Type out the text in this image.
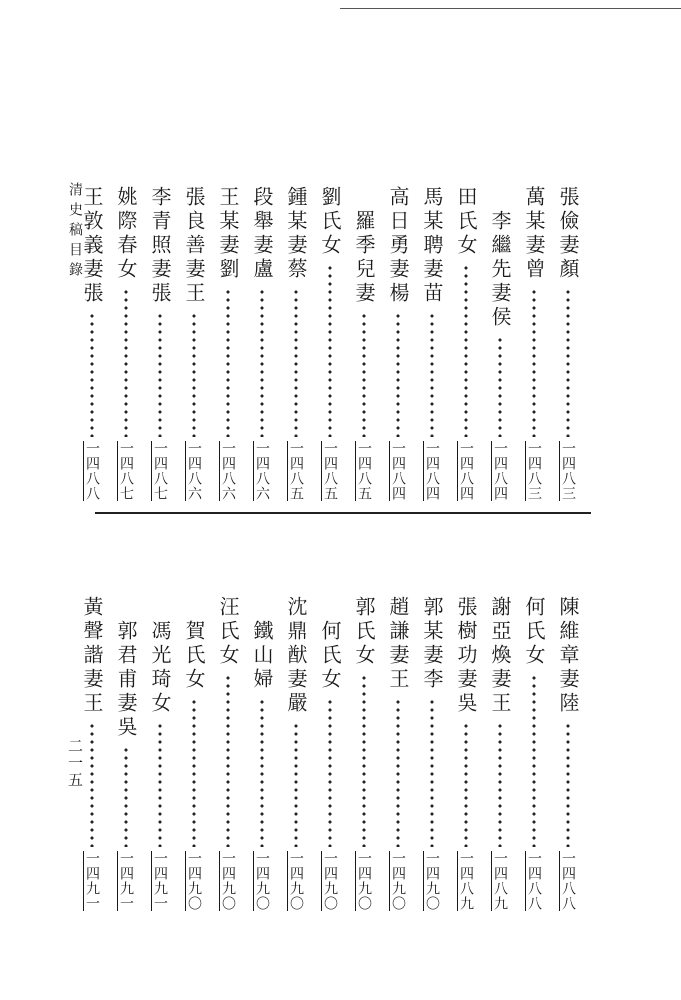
張儉妻顏
一四八三
萬某妻曾
一四八三
李繼先妻侯
一四八四
田氏女
一四八四
馬某聘妻苗
一四八四
高日勇妻楊
一四八四
羅季兒妻
一四八五
劉氏女
一四八五
鍾某妻蔡
一四八五
段舉妻盧
一四八六
王某妻劉
一四八六
張良善妻王
一四八六
李青照妻張
一四八七
姚際春女
一四八七
王敦義妻張
一四八八
陳維章妻陸
一四八八
何氏女
一四八八
謝亞煥妻王
一四八九
張樹功妻吳
一四八九
郭某妻李
一四九〇
趙謙妻王
一四九〇
郭氏女
一四九〇
何氏女
一四九〇
沈鼎猷妻嚴
一四九〇
鐵山婦
一四九〇
汪氏女
一四九〇
賀氏女
一四九〇
馮光琦女
一四九一
郭君甫妻吳
一四九一
黃聲諧妻王
一四九一
清史稿目錄
二一五
